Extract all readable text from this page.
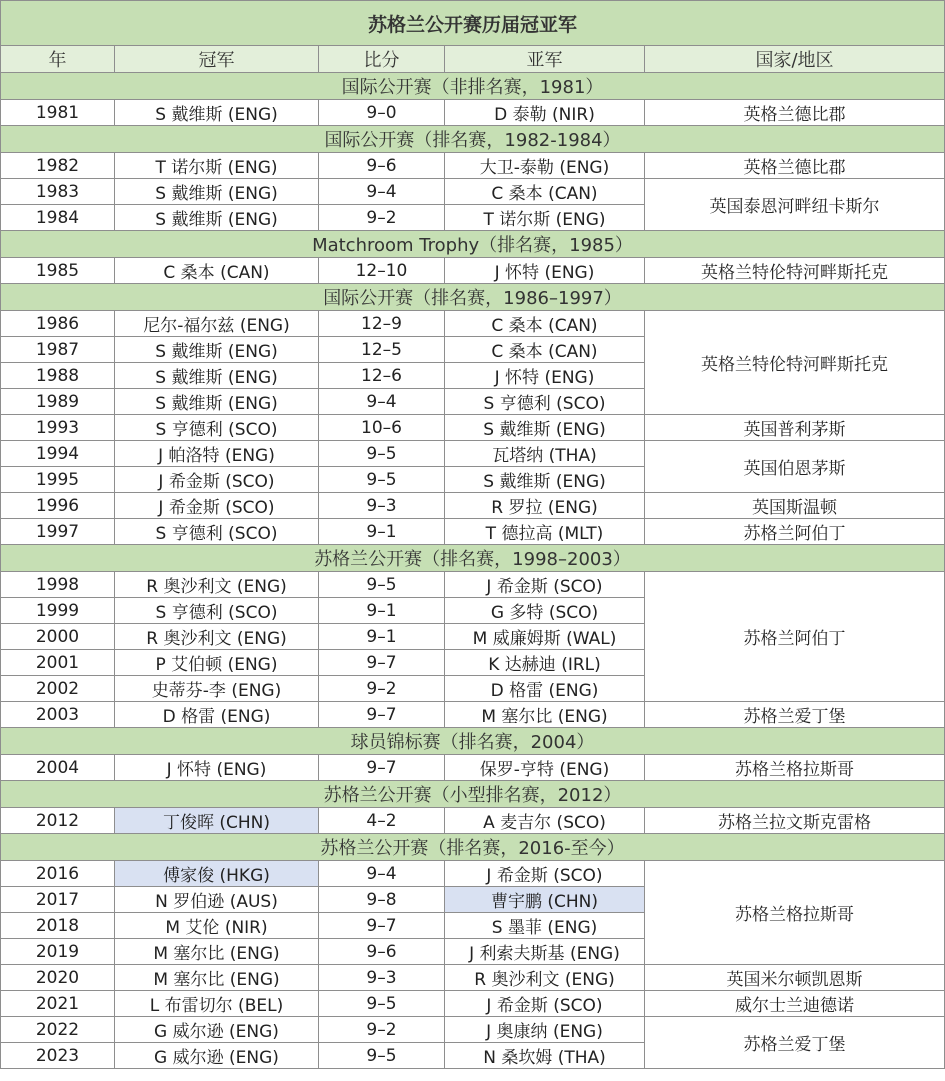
苏格兰公开赛历届冠亚军				
年	冠军	比分	亚军	国家/地区
国际公开赛（非排名赛，1981）				
1981	S 戴维斯 (ENG)	9–0	D 泰勒 (NIR)	英格兰德比郡
国际公开赛（排名赛，1982-1984）				
1982	T 诺尔斯 (ENG)	9–6	大卫-泰勒 (ENG)	英格兰德比郡
1983	S 戴维斯 (ENG)	9–4	C 桑本 (CAN)	英国泰恩河畔纽卡斯尔
1984	S 戴维斯 (ENG)	9–2	T 诺尔斯 (ENG)	
Matchroom Trophy（排名赛，1985）				
1985	C 桑本 (CAN)	12–10	J 怀特 (ENG)	英格兰特伦特河畔斯托克
国际公开赛（排名赛，1986–1997）				
1986	尼尔-福尔兹 (ENG)	12–9	C 桑本 (CAN)	英格兰特伦特河畔斯托克
1987	S 戴维斯 (ENG)	12–5	C 桑本 (CAN)	
1988	S 戴维斯 (ENG)	12–6	J 怀特 (ENG)	
1989	S 戴维斯 (ENG)	9–4	S 亨德利 (SCO)	
1993	S 亨德利 (SCO)	10–6	S 戴维斯 (ENG)	英国普利茅斯
1994	J 帕洛特 (ENG)	9–5	瓦塔纳 (THA)	英国伯恩茅斯
1995	J 希金斯 (SCO)	9–5	S 戴维斯 (ENG)	
1996	J 希金斯 (SCO)	9–3	R 罗拉 (ENG)	英国斯温顿
1997	S 亨德利 (SCO)	9–1	T 德拉高 (MLT)	苏格兰阿伯丁
苏格兰公开赛（排名赛，1998–2003）				
1998	R 奥沙利文 (ENG)	9–5	J 希金斯 (SCO)	苏格兰阿伯丁
1999	S 亨德利 (SCO)	9–1	G 多特 (SCO)	
2000	R 奥沙利文 (ENG)	9–1	M 威廉姆斯 (WAL)	
2001	P 艾伯顿 (ENG)	9–7	K 达赫迪 (IRL)	
2002	史蒂芬-李 (ENG)	9–2	D 格雷 (ENG)	
2003	D 格雷 (ENG)	9–7	M 塞尔比 (ENG)	苏格兰爱丁堡
球员锦标赛（排名赛，2004）				
2004	J 怀特 (ENG)	9–7	保罗-亨特 (ENG)	苏格兰格拉斯哥
苏格兰公开赛（小型排名赛，2012）				
2012	丁俊晖 (CHN)	4–2	A 麦吉尔 (SCO)	苏格兰拉文斯克雷格
苏格兰公开赛（排名赛，2016-至今）				
2016	傅家俊 (HKG)	9–4	J 希金斯 (SCO)	苏格兰格拉斯哥
2017	N 罗伯逊 (AUS)	9–8	曹宇鹏 (CHN)	
2018	M 艾伦 (NIR)	9–7	S 墨菲 (ENG)	
2019	M 塞尔比 (ENG)	9–6	J 利索夫斯基 (ENG)	
2020	M 塞尔比 (ENG)	9–3	R 奥沙利文 (ENG)	英国米尔顿凯恩斯
2021	L 布雷切尔 (BEL)	9–5	J 希金斯 (SCO)	威尔士兰迪德诺
2022	G 威尔逊 (ENG)	9–2	J 奥康纳 (ENG)	苏格兰爱丁堡
2023	G 威尔逊 (ENG)	9–5	N 桑坎姆 (THA)	
